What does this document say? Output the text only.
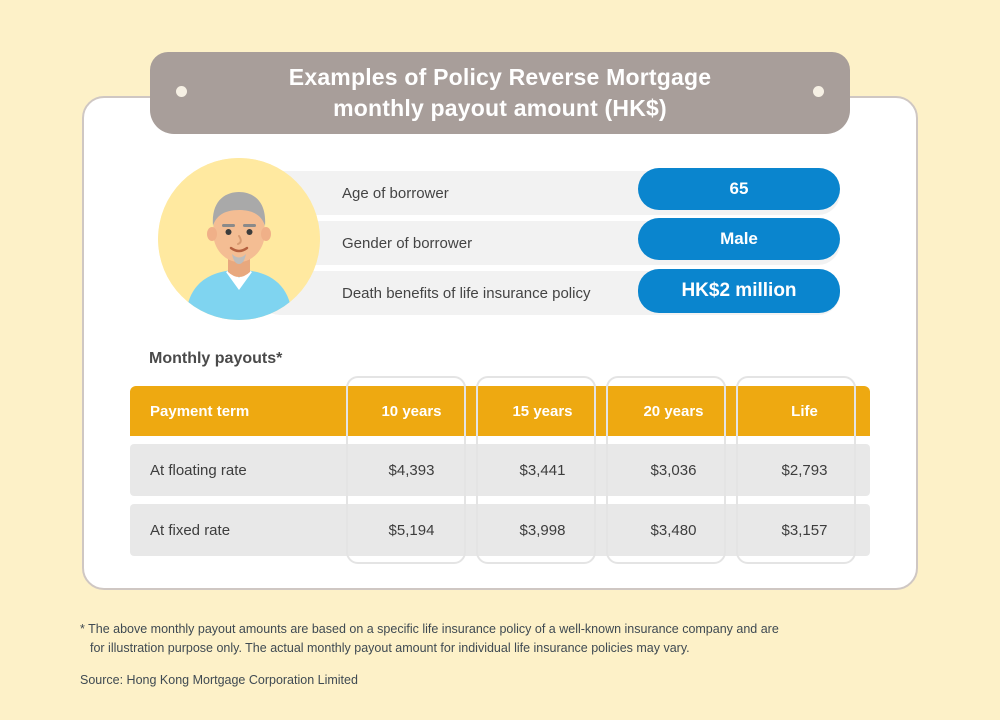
Examples of Policy Reverse Mortgage
monthly payout amount (HK$)
Age of borrower	65
Gender of borrower	Male
Death benefits of life insurance policy	HK$2 million
Monthly payouts*
Payment term	10 years	15 years	20 years	Life
At floating rate	$4,393	$3,441	$3,036	$2,793
At fixed rate	$5,194	$3,998	$3,480	$3,157
* The above monthly payout amounts are based on a specific life insurance policy of a well-known insurance company and are
for illustration purpose only. The actual monthly payout amount for individual life insurance policies may vary.
Source: Hong Kong Mortgage Corporation Limited
